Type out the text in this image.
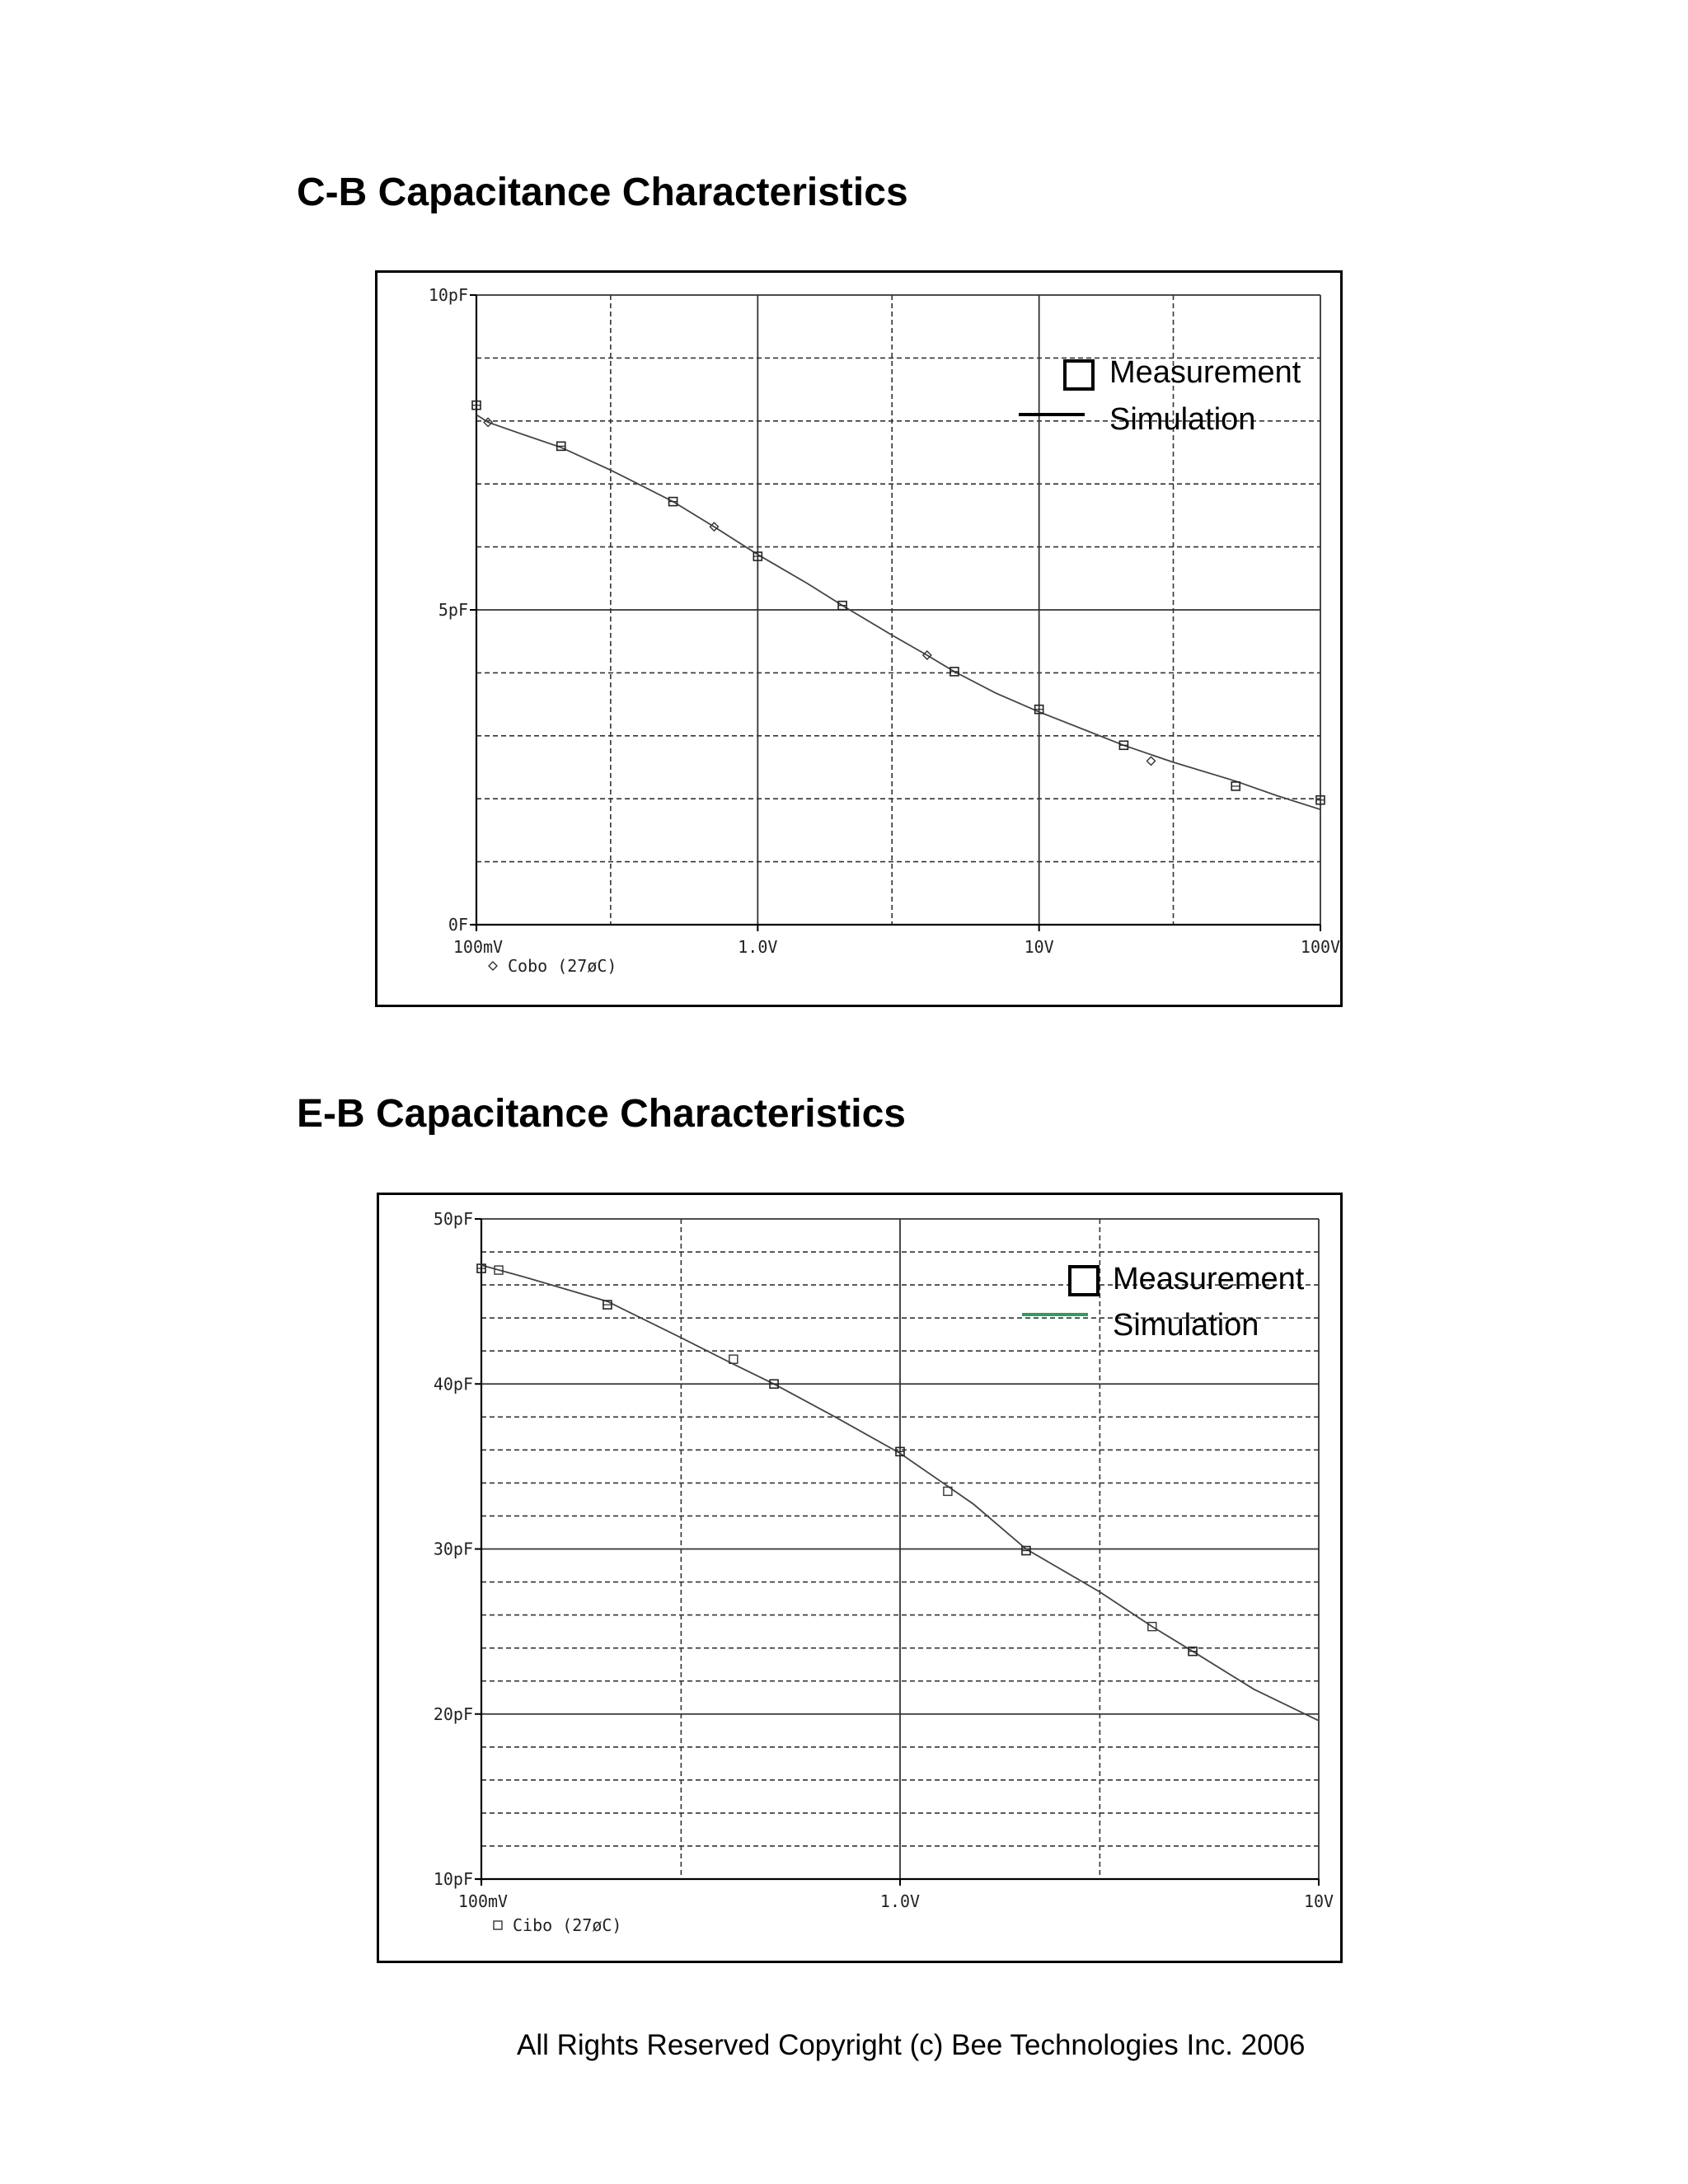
C-B Capacitance Characteristics
0F
5pF
10pF
100mV	1.0V	10V	100V
Cobo (27øC)
Measurement
Simulation
E-B Capacitance Characteristics
10pF
20pF
30pF
40pF
50pF
100mV	1.0V	10V
Cibo (27øC)
Measurement
Simulation

All Rights Reserved Copyright (c) Bee Technologies Inc. 2006
